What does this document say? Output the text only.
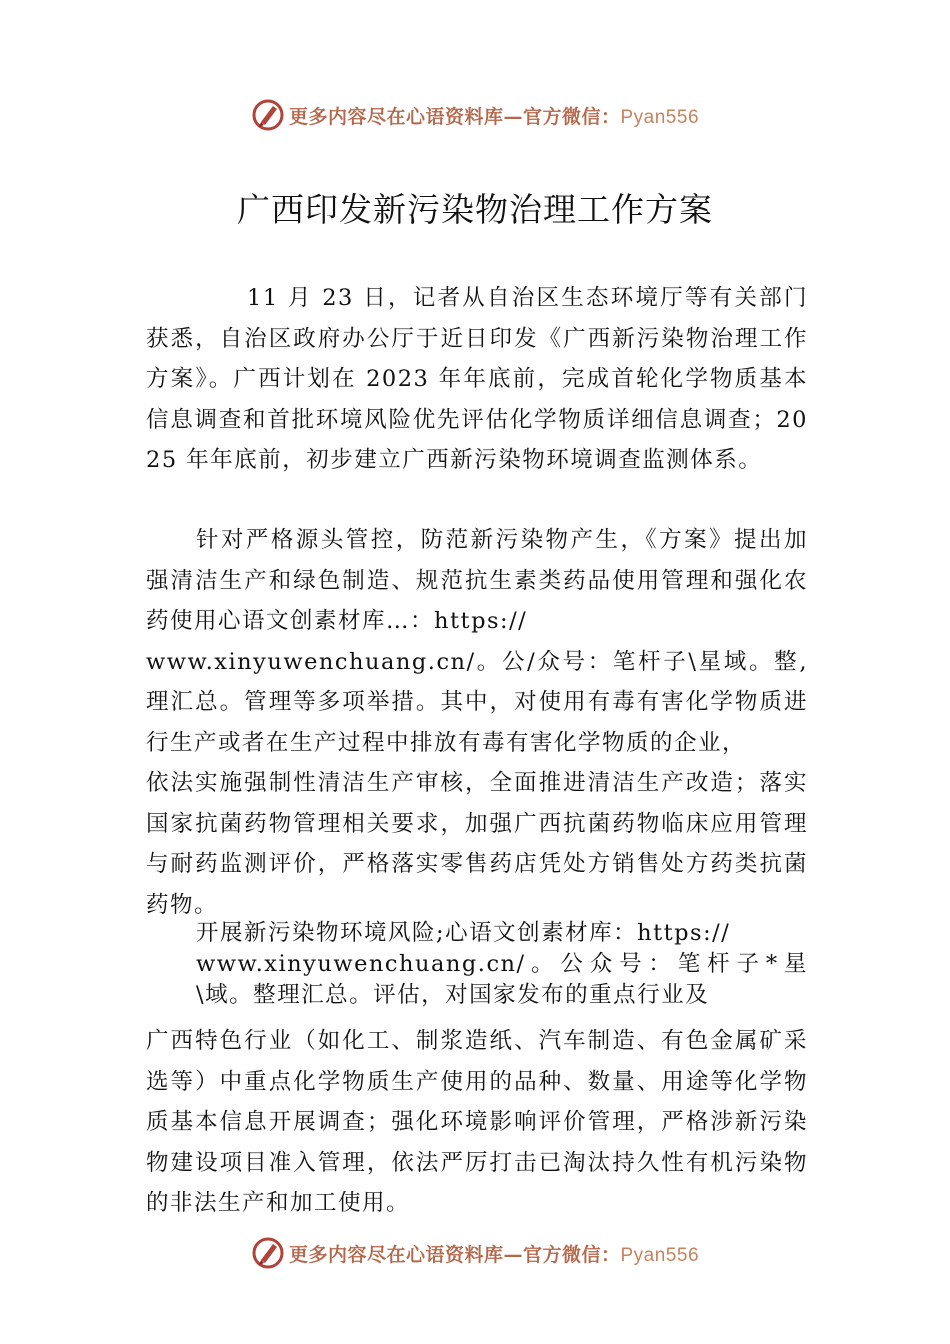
更多内容尽在心语资料库—官方微信：Pyan556
广西印发新污染物治理工作方案

11 月 23 日，记者从自治区生态环境厅等有关部门获悉，自治区政府办公厅于近日印发《广西新污染物治理工作方案》。广西计划在 2023 年年底前，完成首轮化学物质基本信息调查和首批环境风险优先评估化学物质详细信息调查；2025 年年底前，初步建立广西新污染物环境调查监测体系。

针对严格源头管控，防范新污染物产生，《方案》提出加强清洁生产和绿色制造、规范抗生素类药品使用管理和强化农药使用心语文创素材库…：https://
www.xinyuwenchuang.cn/。公/众号：笔杆子\星域。整,理汇总。管理等多项举措。其中，对使用有毒有害化学物质进行生产或者在生产过程中排放有毒有害化学物质的企业，
依法实施强制性清洁生产审核，全面推进清洁生产改造；落实国家抗菌药物管理相关要求，加强广西抗菌药物临床应用管理与耐药监测评价，严格落实零售药店凭处方销售处方药类抗菌药物。

开展新污染物环境风险;心语文创素材库：https://
www.xinyuwenchuang.cn/。公众号：笔杆子*星\域。整理汇总。评估，对国家发布的重点行业及

广西特色行业（如化工、制浆造纸、汽车制造、有色金属矿采选等）中重点化学物质生产使用的品种、数量、用途等化学物质基本信息开展调查；强化环境影响评价管理，严格涉新污染物建设项目准入管理，依法严厉打击已淘汰持久性有机污染物的非法生产和加工使用。

更多内容尽在心语资料库—官方微信：Pyan556
